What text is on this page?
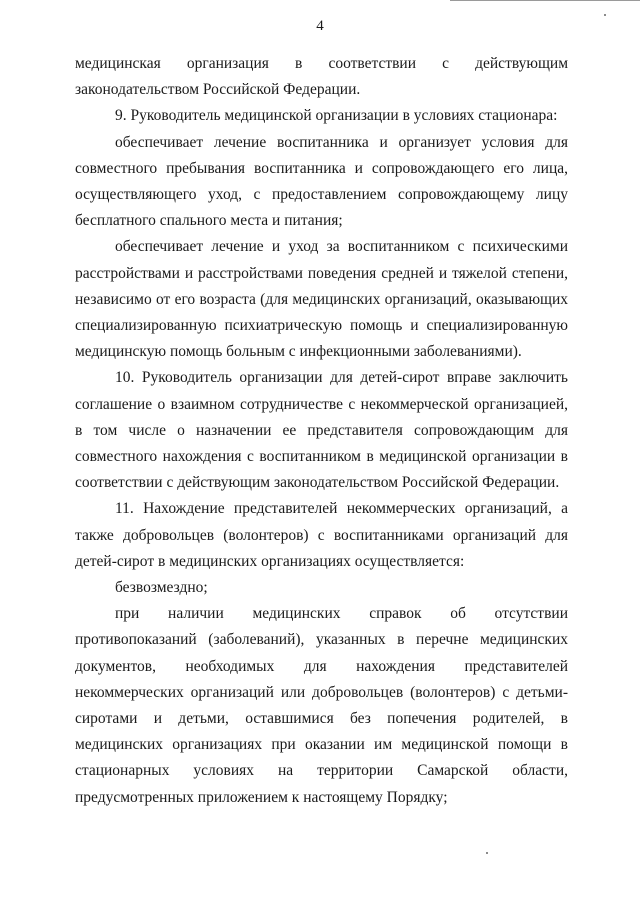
4

медицинская организация в соответствии с действующим законодательством Российской Федерации.

9. Руководитель медицинской организации в условиях стационара:

обеспечивает лечение воспитанника и организует условия для совместного пребывания воспитанника и сопровождающего его лица, осуществляющего уход, с предоставлением сопровождающему лицу бесплатного спального места и питания;

обеспечивает лечение и уход за воспитанником с психическими расстройствами и расстройствами поведения средней и тяжелой степени, независимо от его возраста (для медицинских организаций, оказывающих специализированную психиатрическую помощь и специализированную медицинскую помощь больным с инфекционными заболеваниями).

10. Руководитель организации для детей-сирот вправе заключить соглашение о взаимном сотрудничестве с некоммерческой организацией, в том числе о назначении ее представителя сопровождающим для совместного нахождения с воспитанником в медицинской организации в соответствии с действующим законодательством Российской Федерации.

11. Нахождение представителей некоммерческих организаций, а также добровольцев (волонтеров) с воспитанниками организаций для детей-сирот в медицинских организациях осуществляется:

безвозмездно;

при наличии медицинских справок об отсутствии противопоказаний (заболеваний), указанных в перечне медицинских документов, необходимых для нахождения представителей некоммерческих организаций или добровольцев (волонтеров) с детьми-сиротами и детьми, оставшимися без попечения родителей, в медицинских организациях при оказании им медицинской помощи в стационарных условиях на территории Самарской области, предусмотренных приложением к настоящему Порядку;
